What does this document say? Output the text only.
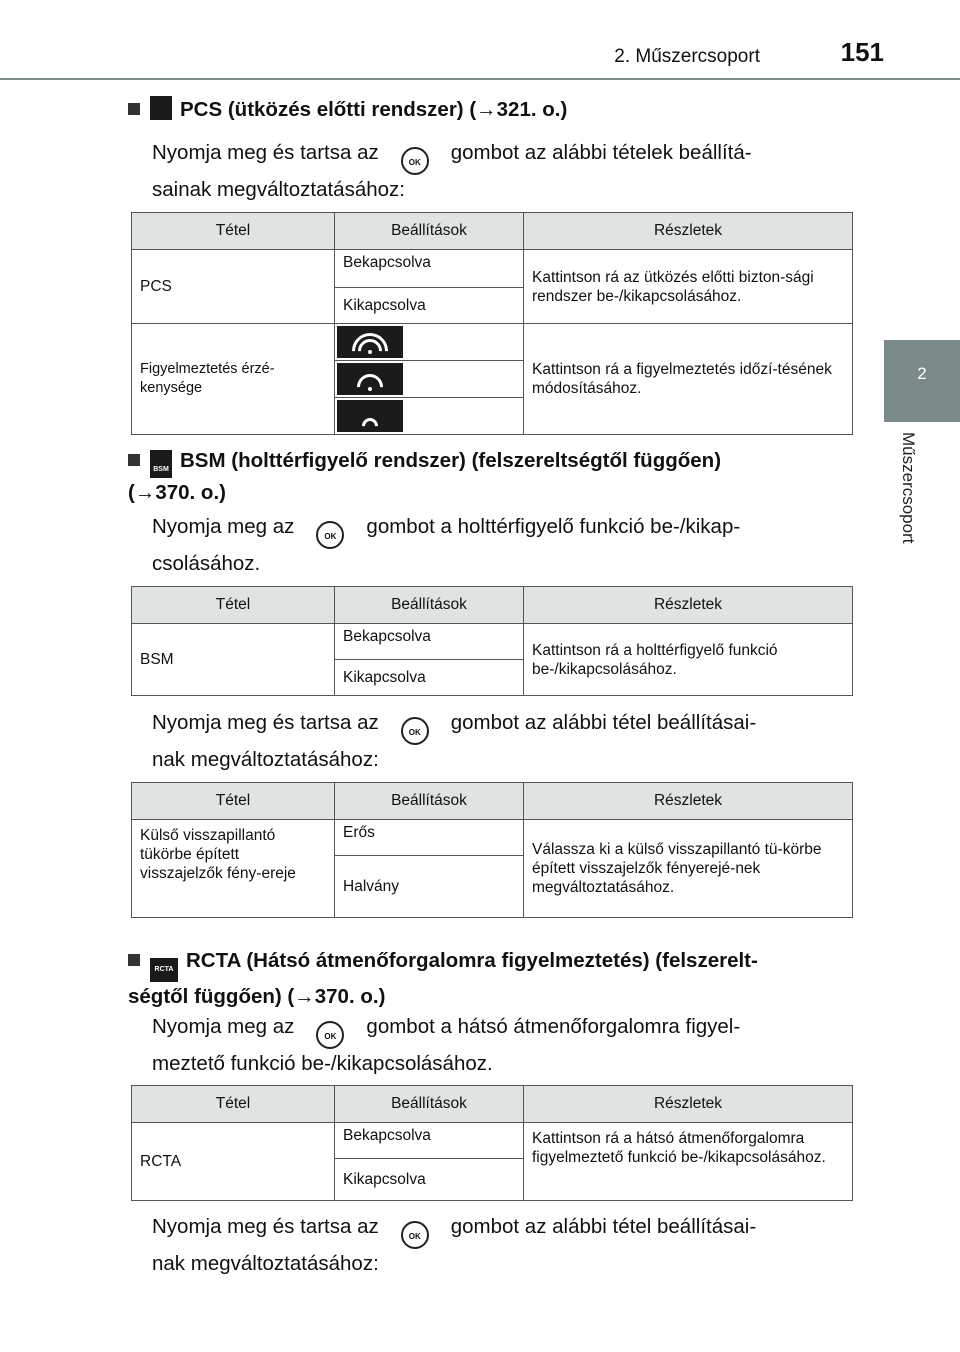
2. Műszercsoport	151
2
Műszercsoport
PCS (ütközés előtti rendszer) (→321. o.)
Nyomja meg és tartsa az	OK gombot az alábbi tételek beállítá-
sainak megváltoztatásához:
Tétel	Beállítások	Részletek
PCS	Bekapcsolva	Kattintson rá az ütközés előtti bizton-sági rendszer be-/kikapcsolásához.
	Kikapcsolva	
Figyelmeztetés érzé-kenysége		Kattintson rá a figyelmeztetés időzí-tésének módosításához.

BSM BSM (holttérfigyelő rendszer) (felszereltségtől függően)
(→370. o.)
Nyomja meg az	OK gombot a holttérfigyelő funkció be-/kikap-
csolásához.
Tétel	Beállítások	Részletek
BSM	Bekapcsolva	Kattintson rá a holttérfigyelő funkció be-/kikapcsolásához.
	Kikapcsolva	
Nyomja meg és tartsa az	OK gombot az alábbi tétel beállításai-
nak megváltoztatásához:
Tétel	Beállítások	Részletek
Külső visszapillantó tükörbe épített visszajelzők fény-ereje	Erős	Válassza ki a külső visszapillantó tü-körbe épített visszajelzők fényerejé-nek megváltoztatásához.
	Halvány	
RCTA RCTA (Hátsó átmenőforgalomra figyelmeztetés) (felszerelt-
ségtől függően) (→370. o.)
Nyomja meg az	OK gombot a hátsó átmenőforgalomra figyel-
meztető funkció be-/kikapcsolásához.
Tétel	Beállítások	Részletek
RCTA	Bekapcsolva	Kattintson rá a hátsó átmenőforgalomra figyelmeztető funkció be-/kikapcsolásához.
	Kikapcsolva	
Nyomja meg és tartsa az	OK gombot az alábbi tétel beállításai-
nak megváltoztatásához:
